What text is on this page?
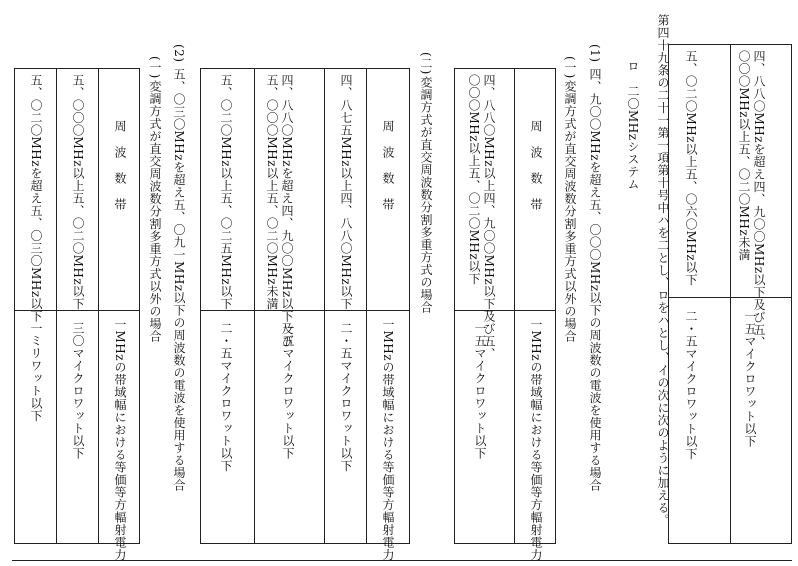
第四十九条の二十一第一項第十号中ハを二とし、ロをハとし、イの次に次のように加える。
ロ　二〇MHzシステム	四、八八〇MHzを超え四、九〇〇MHz以下及び五、
〇〇〇MHz以上五、〇二〇MHz未満
一五マイクロワット以下
五、〇二〇MHz以上五、〇六〇MHz以下
二・五マイクロワット以下
(1)
四、九〇〇MHzを超え五、〇〇〇MHz以下の周波数の電波を使用する場合
(一)
変調方式が直交周波数分割多重方式以外の場合
周波数帯
一MHzの帯域幅における等価等方輻射電力
四、八八〇MHz以上四、九〇〇MHz以下及び五、
〇〇〇MHz以上五、〇二〇MHz以下
一五マイクロワット以下
(二)
変調方式が直交周波数分割多重方式の場合
周波数帯
一MHzの帯域幅における等価等方輻射電力
四、八七五MHz以上四、八八〇MHz以下
二・五マイクロワット以下
四、八八〇MHzを超え四、九〇〇MHz以下及び
五、〇〇〇MHz以上五、〇二〇MHz未満
一五マイクロワット以下
五、〇二〇MHz以上五、〇二五MHz以下
二・五マイクロワット以下
(2)
五、〇三〇MHzを超え五、〇九一MHz以下の周波数の電波を使用する場合
(一)
変調方式が直交周波数分割多重方式以外の場合
周波数帯
一MHzの帯域幅における等価等方輻射電力
五、〇〇〇MHz以上五、〇二〇MHz以下
三〇マイクロワット以下
五、〇二〇MHzを超え五、〇三〇MHz以下
一ミリワット以下
